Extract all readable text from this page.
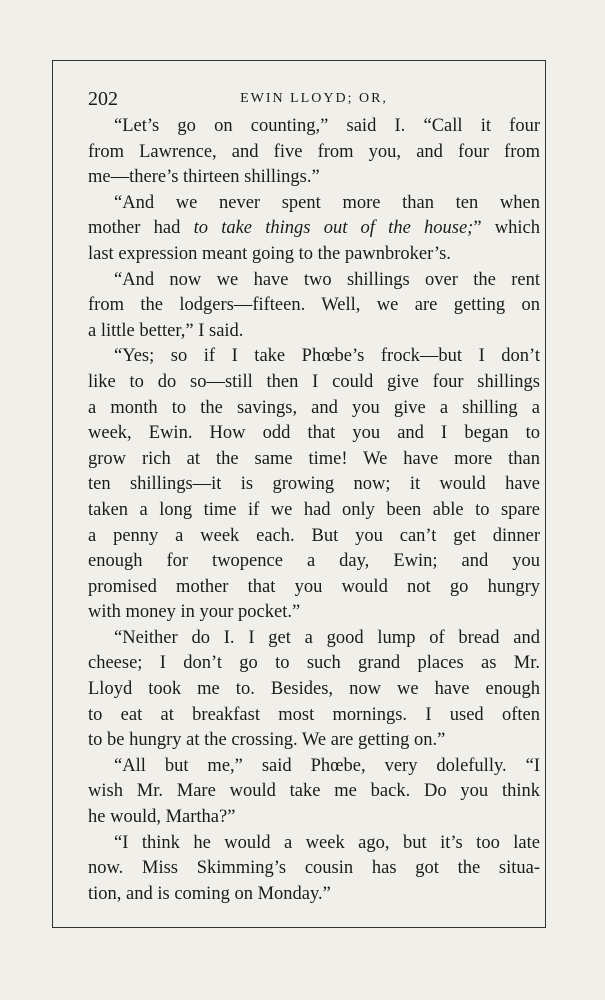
202	EWIN LLOYD; OR,
“Let’s go on counting,” said I. “Call it four
from Lawrence, and five from you, and four from
me—there’s thirteen shillings.”
“And we never spent more than ten when
mother had to take things out of the house;” which
last expression meant going to the pawnbroker’s.
“And now we have two shillings over the rent
from the lodgers—fifteen. Well, we are getting on
a little better,” I said.
“Yes; so if I take Phœbe’s frock—but I don’t
like to do so—still then I could give four shillings
a month to the savings, and you give a shilling a
week, Ewin. How odd that you and I began to
grow rich at the same time! We have more than
ten shillings—it is growing now; it would have
taken a long time if we had only been able to spare
a penny a week each. But you can’t get dinner
enough for twopence a day, Ewin; and you
promised mother that you would not go hungry
with money in your pocket.”
“Neither do I. I get a good lump of bread and
cheese; I don’t go to such grand places as Mr.
Lloyd took me to. Besides, now we have enough
to eat at breakfast most mornings. I used often
to be hungry at the crossing. We are getting on.”
“All but me,” said Phœbe, very dolefully. “I
wish Mr. Mare would take me back. Do you think
he would, Martha?”
“I think he would a week ago, but it’s too late
now. Miss Skimming’s cousin has got the situa-
tion, and is coming on Monday.”
